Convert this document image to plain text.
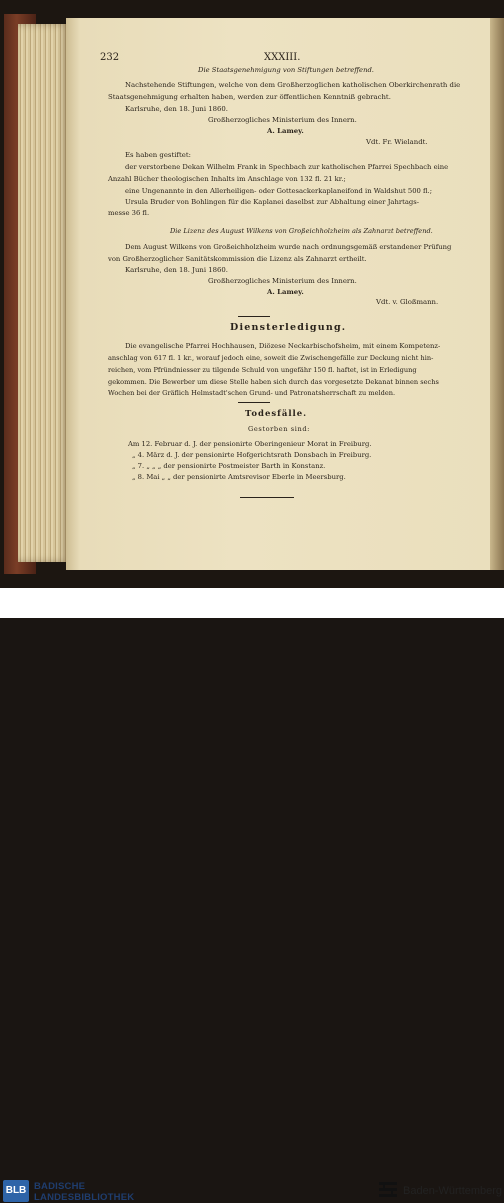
232	XXXIII.
Die Staatsgenehmigung von Stiftungen betreffend.
Nachstehende Stiftungen, welche von dem Großherzoglichen katholischen Oberkirchenrath die
Staatsgenehmigung erhalten haben, werden zur öffentlichen Kenntniß gebracht.
Karlsruhe, den 18. Juni 1860.
Großherzogliches Ministerium des Innern.
A. Lamey.
Vdt. Fr. Wielandt.
Es haben gestiftet:
der verstorbene Dekan Wilhelm Frank in Spechbach zur katholischen Pfarrei Spechbach eine
Anzahl Bücher theologischen Inhalts im Anschlage von 132 fl. 21 kr.;
eine Ungenannte in den Allerheiligen- oder Gottesackerkaplaneifond in Waldshut 500 fl.;
Ursula Bruder von Bohlingen für die Kaplanei daselbst zur Abhaltung einer Jahrtags-
messe 36 fl.
Die Lizenz des August Wilkens von Großeichholzheim als Zahnarzt betreffend.
Dem August Wilkens von Großeichholzheim wurde nach ordnungsgemäß erstandener Prüfung
von Großherzoglicher Sanitätskommission die Lizenz als Zahnarzt ertheilt.
Karlsruhe, den 18. Juni 1860.
Großherzogliches Ministerium des Innern.
A. Lamey.
Vdt. v. Gloßmann.
Diensterledigung.
Die evangelische Pfarrei Hochhausen, Diözese Neckarbischofsheim, mit einem Kompetenz-
anschlag von 617 fl. 1 kr., worauf jedoch eine, soweit die Zwischengefälle zur Deckung nicht hin-
reichen, vom Pfründniesser zu tilgende Schuld von ungefähr 150 fl. haftet, ist in Erledigung
gekommen. Die Bewerber um diese Stelle haben sich durch das vorgesetzte Dekanat binnen sechs
Wochen bei der Gräflich Helmstadt'schen Grund- und Patronatsherrschaft zu melden.
Todesfälle.
Gestorben sind:
Am 12. Februar d. J. der pensionirte Oberingenieur Morat in Freiburg.
„ 4. März d. J. der pensionirte Hofgerichtsrath Donsbach in Freiburg.
„ 7. „ „ „ der pensionirte Postmeister Barth in Konstanz.
„ 8. Mai „ „ der pensionirte Amtsrevisor Eberle in Meersburg.
BLB BADISCHE
LANDESBIBLIOTHEK
Baden-Württemberg
